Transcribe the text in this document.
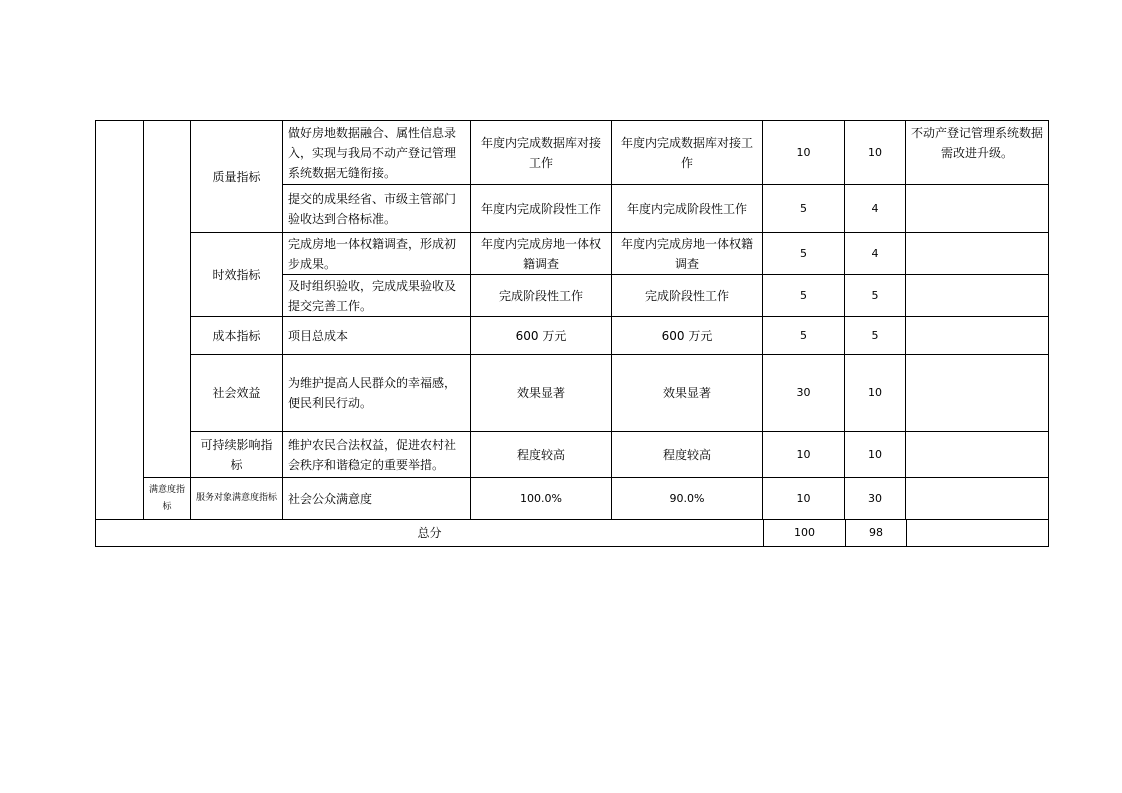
		质量指标	做好房地数据融合、属性信息录入，实现与我局不动产登记管理系统数据无缝衔接。	年度内完成数据库对接工作	年度内完成数据库对接工作	10	10	不动产登记管理系统数据需改进升级。
			提交的成果经省、市级主管部门验收达到合格标准。	年度内完成阶段性工作	年度内完成阶段性工作	5	4	
		时效指标	完成房地一体权籍调查，形成初步成果。	年度内完成房地一体权籍调查	年度内完成房地一体权籍调查	5	4	
			及时组织验收，完成成果验收及提交完善工作。	完成阶段性工作	完成阶段性工作	5	5	
		成本指标	项目总成本	600 万元	600 万元	5	5	
		社会效益	为维护提高人民群众的幸福感，便民利民行动。	效果显著	效果显著	30	10	
		可持续影响指标	维护农民合法权益，促进农村社会秩序和谐稳定的重要举措。	程度较高	程度较高	10	10	
	满意度指标	服务对象满意度指标	社会公众满意度	100.0%	90.0%	10	30	
总分	100	98	
